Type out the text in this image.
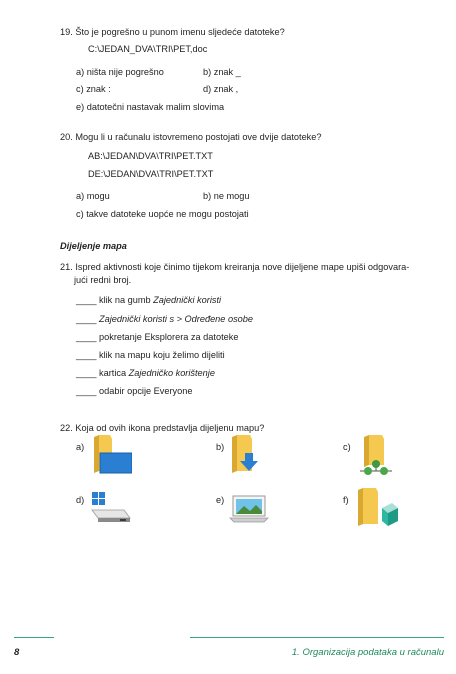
19. Što je pogrešno u punom imenu sljedeće datoteke?
C:\JEDAN_DVA\TRI\PET,doc
a) ništa nije pogrešno	b) znak _
c) znak :	d) znak ,
e) datotečni nastavak malim slovima
20. Mogu li u računalu istovremeno postojati ove dvije datoteke?
AB:\JEDAN\DVA\TRI\PET.TXT
DE:\JEDAN\DVA\TRI\PET.TXT
a) mogu	b) ne mogu
c) takve datoteke uopće ne mogu postojati
Dijeljenje mapa
21. Ispred aktivnosti koje činimo tijekom kreiranja nove dijeljene mape upiši odgovara-
jući redni broj.
____ klik na gumb Zajednički koristi
____ Zajednički koristi s > Određene osobe
____ pokretanje Eksplorera za datoteke
____ klik na mapu koju želimo dijeliti
____ kartica Zajedničko korištenje
____ odabir opcije Everyone
22. Koja od ovih ikona predstavlja dijeljenu mapu?
a)	b)	c)
d)	e)	f)
8	1. Organizacija podataka u računalu
